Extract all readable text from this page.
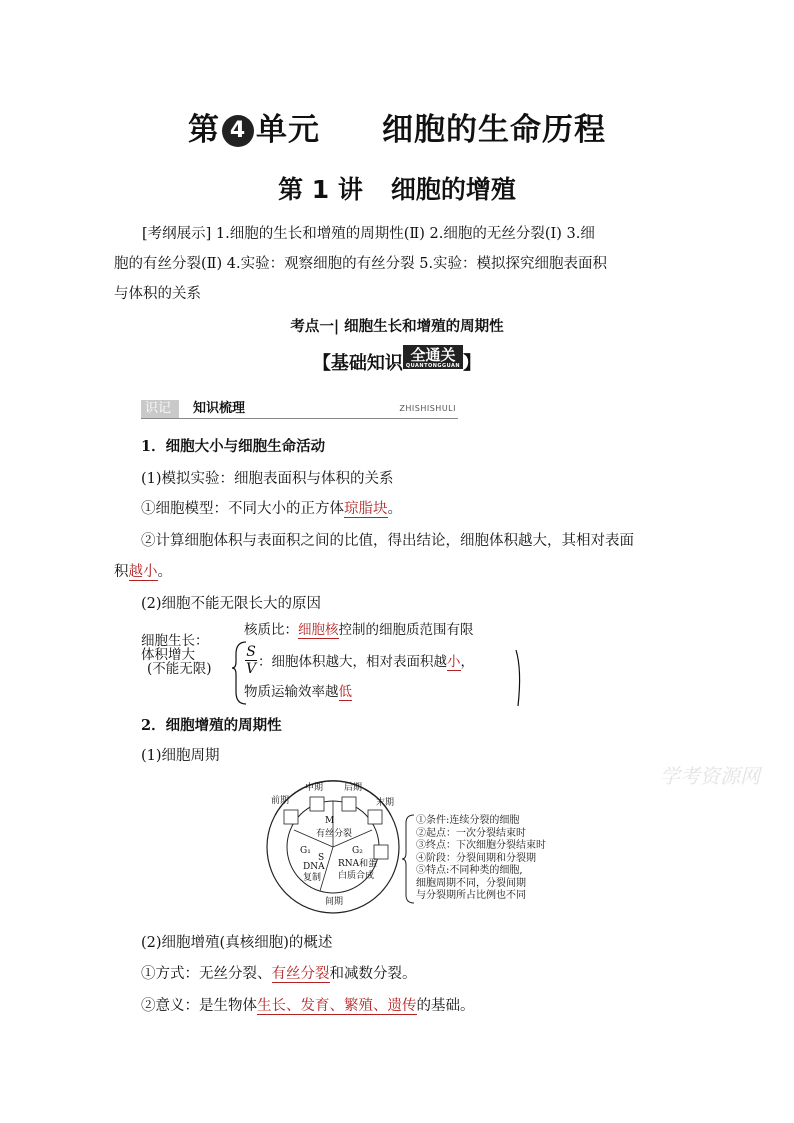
第 4 单元 细胞的生命历程
第 1 讲 细胞的增殖
[考纲展示] 1.细胞的生长和增殖的周期性(Ⅱ) 2.细胞的无丝分裂(Ⅰ) 3.细
胞的有丝分裂(Ⅱ) 4.实验：观察细胞的有丝分裂 5.实验：模拟探究细胞表面积
与体积的关系
考点一| 细胞生长和增殖的周期性
【基础知识 全通关
QUANTONGGUAN 】
识记	知识梳理	ZHISHISHULI
1．细胞大小与细胞生命活动
(1)模拟实验：细胞表面积与体积的关系
①细胞模型：不同大小的正方体琼脂块。
②计算细胞体积与表面积之间的比值，得出结论，细胞体积越大，其相对表面
积越小。
(2)细胞不能无限长大的原因
细胞生长：
体积增大
(不能无限)
核质比：细胞核控制的细胞质范围有限
S
V ：细胞体积越大，相对表面积越小，
物质运输效率越低
2．细胞增殖的周期性
(1)细胞周期
前期
中期 后期
末期
M
有丝分裂
G₁	G₂
S
DNA
复制
RNA和蛋
白质合成
间期
①条件:连续分裂的细胞
②起点：一次分裂结束时
③终点：下次细胞分裂结束时
④阶段：分裂间期和分裂期
⑤特点:不同种类的细胞,
细胞周期不同，分裂间期
与分裂期所占比例也不同
学考资源网
(2)细胞增殖(真核细胞)的概述
①方式：无丝分裂、有丝分裂和减数分裂。
②意义：是生物体生长、发育、繁殖、遗传的基础。
